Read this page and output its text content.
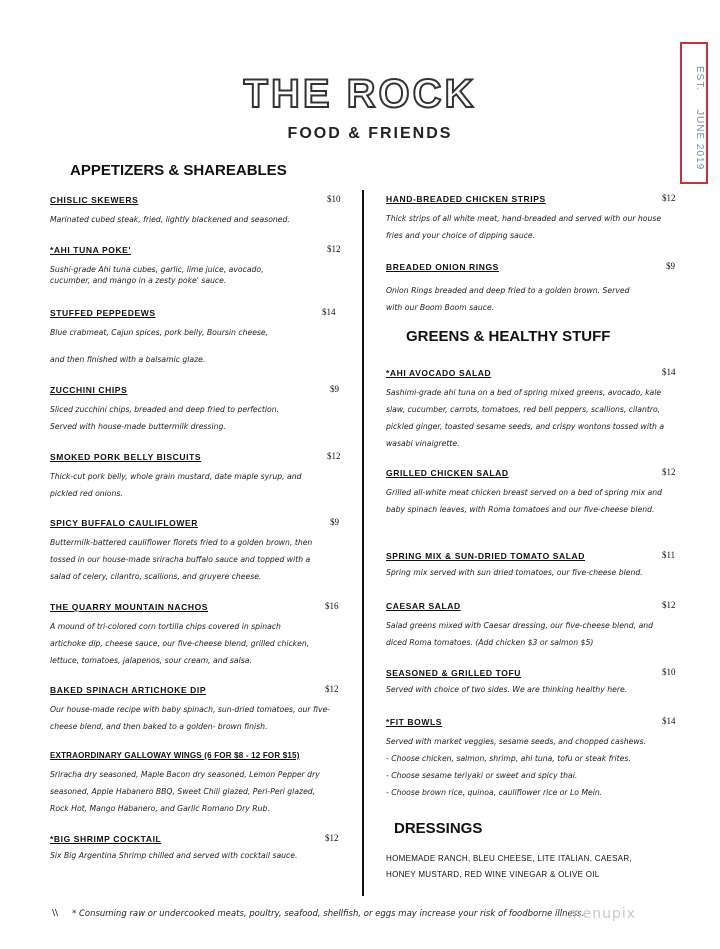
THE ROCK
FOOD & FRIENDS
EST.
JUNE 2019
APPETIZERS & SHAREABLES
GREENS & HEALTHY STUFF
DRESSINGS
CHISLIC SKEWERS	$10
Marinated cubed steak, fried, lightly blackened and seasoned.
*AHI TUNA POKE'	$12
Sushi-grade Ahi tuna cubes, garlic, lime juice, avocado, cucumber, and mango in a zesty poke' sauce.
STUFFED PEPPEDEWS	$14
Blue crabmeat, Cajun spices, pork belly, Boursin cheese,
and then finished with a balsamic glaze.
ZUCCHINI CHIPS	$9
Sliced zucchini chips, breaded and deep fried to perfection. Served with house-made buttermilk dressing.
SMOKED PORK BELLY BISCUITS	$12
Thick-cut pork belly, whole grain mustard, date maple syrup, and pickled red onions.
SPICY BUFFALO CAULIFLOWER	$9
Buttermilk-battered cauliflower florets fried to a golden brown, then tossed in our house-made sriracha buffalo sauce and topped with a salad of celery, cilantro, scallions, and gruyere cheese.
THE QUARRY MOUNTAIN NACHOS	$16
A mound of tri-colored corn tortilla chips covered in spinach artichoke dip, cheese sauce, our five-cheese blend, grilled chicken, lettuce, tomatoes, jalapenos, sour cream, and salsa.
BAKED SPINACH ARTICHOKE DIP	$12
Our house-made recipe with baby spinach, sun-dried tomatoes, our five-cheese blend, and then baked to a golden- brown finish.
EXTRAORDINARY GALLOWAY WINGS (6 FOR $8 - 12 FOR $15)
Sriracha dry seasoned, Maple Bacon dry seasoned, Lemon Pepper dry seasoned, Apple Habanero BBQ, Sweet Chili glazed, Peri-Peri glazed, Rock Hot, Mango Habanero, and Garlic Romano Dry Rub.
*BIG SHRIMP COCKTAIL	$12
Six Big Argentina Shrimp chilled and served with cocktail sauce.
HAND-BREADED CHICKEN STRIPS	$12
Thick strips of all white meat, hand-breaded and served with our house fries and your choice of dipping sauce.
BREADED ONION RINGS	$9
Onion Rings breaded and deep fried to a golden brown. Served with our Boom Boom sauce.
*AHI AVOCADO SALAD	$14
Sashimi-grade ahi tuna on a bed of spring mixed greens, avocado, kale slaw, cucumber, carrots, tomatoes, red bell peppers, scallions, cilantro, pickled ginger, toasted sesame seeds, and crispy wontons tossed with a wasabi vinaigrette.
GRILLED CHICKEN SALAD	$12
Grilled all-white meat chicken breast served on a bed of spring mix and baby spinach leaves, with Roma tomatoes and our five-cheese blend.
SPRING MIX & SUN-DRIED TOMATO SALAD	$11
Spring mix served with sun dried tomatoes, our five-cheese blend.
CAESAR SALAD	$12
Salad greens mixed with Caesar dressing, our five-cheese blend, and diced Roma tomatoes. (Add chicken $3 or salmon $5)
SEASONED & GRILLED TOFU	$10
Served with choice of two sides. We are thinking healthy here.
*FIT BOWLS	$14
Served with market veggies, sesame seeds, and chopped cashews.
- Choose chicken, salmon, shrimp, ahi tuna, tofu or steak frites.
- Choose sesame teriyaki or sweet and spicy thai.
- Choose brown rice, quinoa, cauliflower rice or Lo Mein.
HOMEMADE RANCH, BLEU CHEESE, LITE ITALIAN, CAESAR,
HONEY MUSTARD, RED WINE VINEGAR & OLIVE OIL
\\ * Consuming raw or undercooked meats, poultry, seafood, shellfish, or eggs may increase your risk of foodborne illness.
menupix
